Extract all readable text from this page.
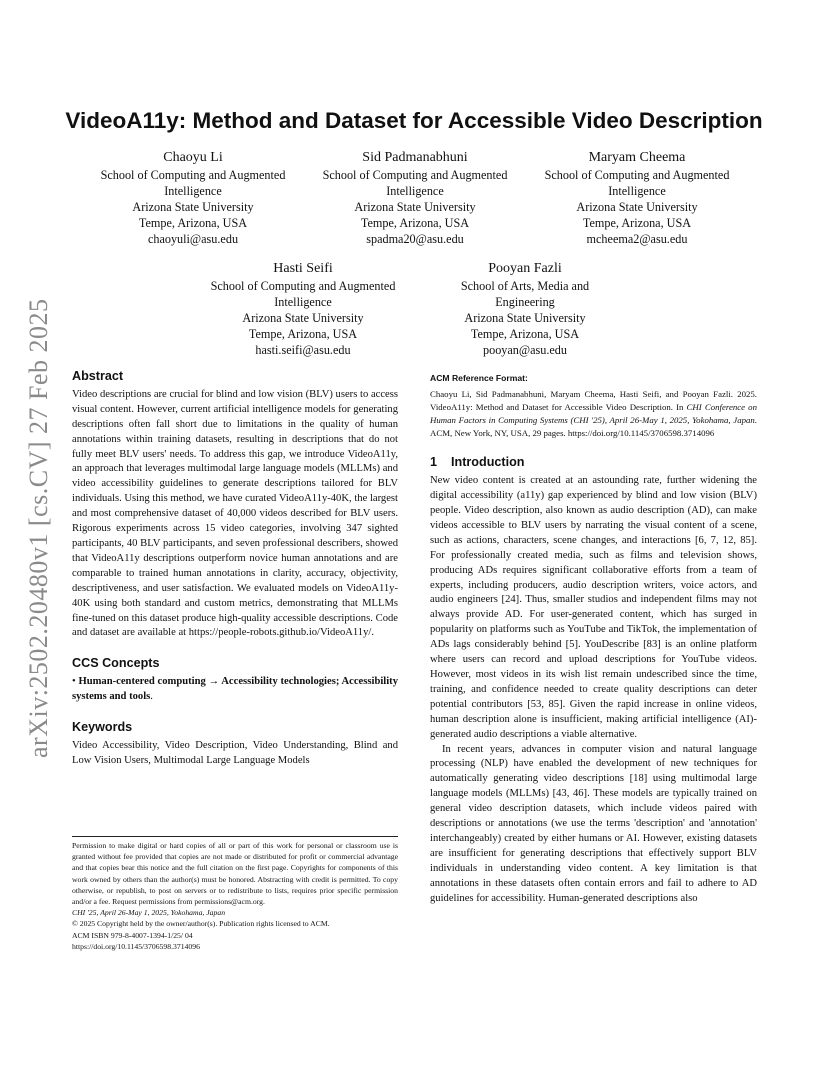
arXiv:2502.20480v1 [cs.CV] 27 Feb 2025
VideoA11y: Method and Dataset for Accessible Video Description
Chaoyu Li
School of Computing and Augmented
Intelligence
Arizona State University
Tempe, Arizona, USA
chaoyuli@asu.edu
Sid Padmanabhuni
School of Computing and Augmented
Intelligence
Arizona State University
Tempe, Arizona, USA
spadma20@asu.edu
Maryam Cheema
School of Computing and Augmented
Intelligence
Arizona State University
Tempe, Arizona, USA
mcheema2@asu.edu
Hasti Seifi
School of Computing and Augmented
Intelligence
Arizona State University
Tempe, Arizona, USA
hasti.seifi@asu.edu
Pooyan Fazli
School of Arts, Media and
Engineering
Arizona State University
Tempe, Arizona, USA
pooyan@asu.edu
Abstract

Video descriptions are crucial for blind and low vision (BLV) users to access visual content. However, current artificial intelligence models for generating descriptions often fall short due to limitations in the quality of human annotations within training datasets, resulting in descriptions that do not fully meet BLV users' needs. To address this gap, we introduce VideoA11y, an approach that leverages multimodal large language models (MLLMs) and video accessibility guidelines to generate descriptions tailored for BLV individuals. Using this method, we have curated VideoA11y-40K, the largest and most comprehensive dataset of 40,000 videos described for BLV users. Rigorous experiments across 15 video categories, involving 347 sighted participants, 40 BLV participants, and seven professional describers, showed that VideoA11y descriptions outperform novice human annotations and are comparable to trained human annotations in clarity, accuracy, objectivity, descriptiveness, and user satisfaction. We evaluated models on VideoA11y-40K using both standard and custom metrics, demonstrating that MLLMs fine-tuned on this dataset produce high-quality accessible descriptions. Code and dataset are available at https://people-robots.github.io/VideoA11y/.

CCS Concepts

• Human-centered computing → Accessibility technologies; Accessibility systems and tools.

Keywords

Video Accessibility, Video Description, Video Understanding, Blind and Low Vision Users, Multimodal Large Language Models

Permission to make digital or hard copies of all or part of this work for personal or classroom use is granted without fee provided that copies are not made or distributed for profit or commercial advantage and that copies bear this notice and the full citation on the first page. Copyrights for components of this work owned by others than the author(s) must be honored. Abstracting with credit is permitted. To copy otherwise, or republish, to post on servers or to redistribute to lists, requires prior specific permission and/or a fee. Request permissions from permissions@acm.org.

CHI '25, April 26-May 1, 2025, Yokohama, Japan

© 2025 Copyright held by the owner/author(s). Publication rights licensed to ACM.

ACM ISBN 979-8-4007-1394-1/25/ 04

https://doi.org/10.1145/3706598.3714096

ACM Reference Format:

Chaoyu Li, Sid Padmanabhuni, Maryam Cheema, Hasti Seifi, and Pooyan Fazli. 2025. VideoA11y: Method and Dataset for Accessible Video Description. In CHI Conference on Human Factors in Computing Systems (CHI '25), April 26-May 1, 2025, Yokohama, Japan. ACM, New York, NY, USA, 29 pages. https://doi.org/10.1145/3706598.3714096

1 Introduction

New video content is created at an astounding rate, further widening the digital accessibility (a11y) gap experienced by blind and low vision (BLV) people. Video description, also known as audio description (AD), can make videos accessible to BLV users by narrating the visual content of a scene, such as actions, characters, scene changes, and interactions [6, 7, 12, 85]. For professionally created media, such as films and television shows, producing ADs requires significant collaborative efforts from a team of experts, including producers, audio description writers, voice actors, and audio engineers [24]. Thus, smaller studios and independent films may not always provide AD. For user-generated content, which has surged in popularity on platforms such as YouTube and TikTok, the implementation of ADs lags considerably behind [5]. YouDescribe [83] is an online platform where users can record and upload descriptions for YouTube videos. However, most videos in its wish list remain undescribed since the time, training, and confidence needed to create quality descriptions can deter potential contributors [53, 85]. Given the rapid increase in online videos, human description alone is insufficient, making artificial intelligence (AI)-generated audio descriptions a viable alternative.

In recent years, advances in computer vision and natural language processing (NLP) have enabled the development of new techniques for automatically generating video descriptions [18] using multimodal large language models (MLLMs) [43, 46]. These models are typically trained on general video description datasets, which include videos paired with descriptions or annotations (we use the terms 'description' and 'annotation' interchangeably) created by either humans or AI. However, existing datasets are insufficient for generating descriptions that effectively support BLV individuals in understanding video content. A key limitation is that annotations in these datasets often contain errors and fail to adhere to AD guidelines for accessibility. Human-generated descriptions also
